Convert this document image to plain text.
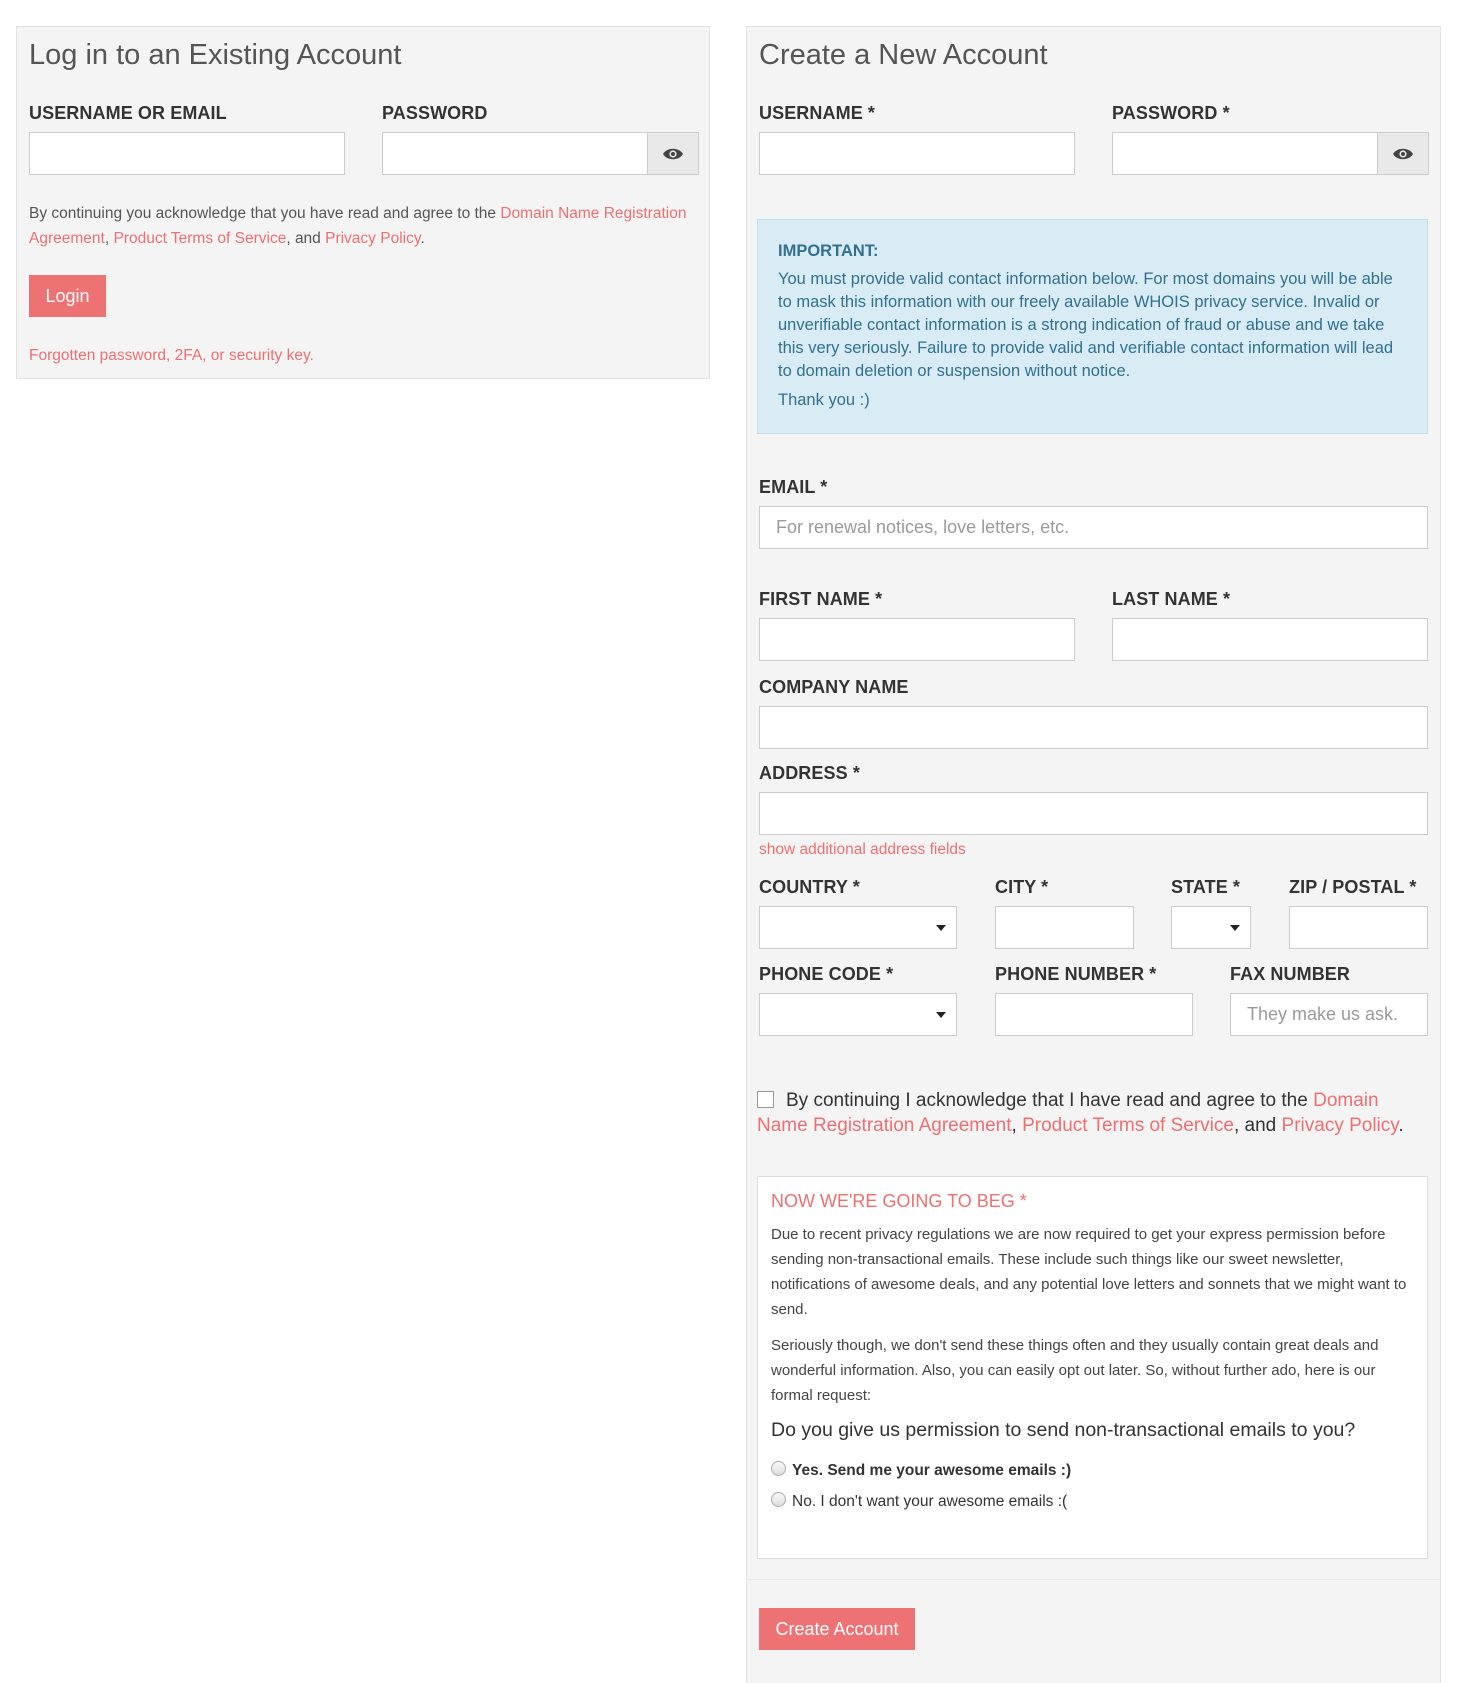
Log in to an Existing Account
USERNAME OR EMAIL	PASSWORD
By continuing you acknowledge that you have read and agree to the Domain Name Registration Agreement, Product Terms of Service, and Privacy Policy.
Login
Forgotten password, 2FA, or security key.
Create a New Account
USERNAME *	PASSWORD *
IMPORTANT:

You must provide valid contact information below. For most domains you will be able to mask this information with our freely available WHOIS privacy service. Invalid or unverifiable contact information is a strong indication of fraud or abuse and we take this very seriously. Failure to provide valid and verifiable contact information will lead to domain deletion or suspension without notice.

Thank you :)

EMAIL *
For renewal notices, love letters, etc.
FIRST NAME *	LAST NAME *
COMPANY NAME
ADDRESS *
show additional address fields
COUNTRY *	CITY *	STATE *	ZIP / POSTAL *
PHONE CODE *	PHONE NUMBER *	FAX NUMBER
They make us ask.
By continuing I acknowledge that I have read and agree to the Domain Name Registration Agreement, Product Terms of Service, and Privacy Policy.

NOW WE'RE GOING TO BEG *

Due to recent privacy regulations we are now required to get your express permission before sending non-transactional emails. These include such things like our sweet newsletter, notifications of awesome deals, and any potential love letters and sonnets that we might want to send.

Seriously though, we don't send these things often and they usually contain great deals and wonderful information. Also, you can easily opt out later. So, without further ado, here is our formal request:

Do you give us permission to send non-transactional emails to you?

Yes. Send me your awesome emails :)
No. I don't want your awesome emails :(
Create Account
